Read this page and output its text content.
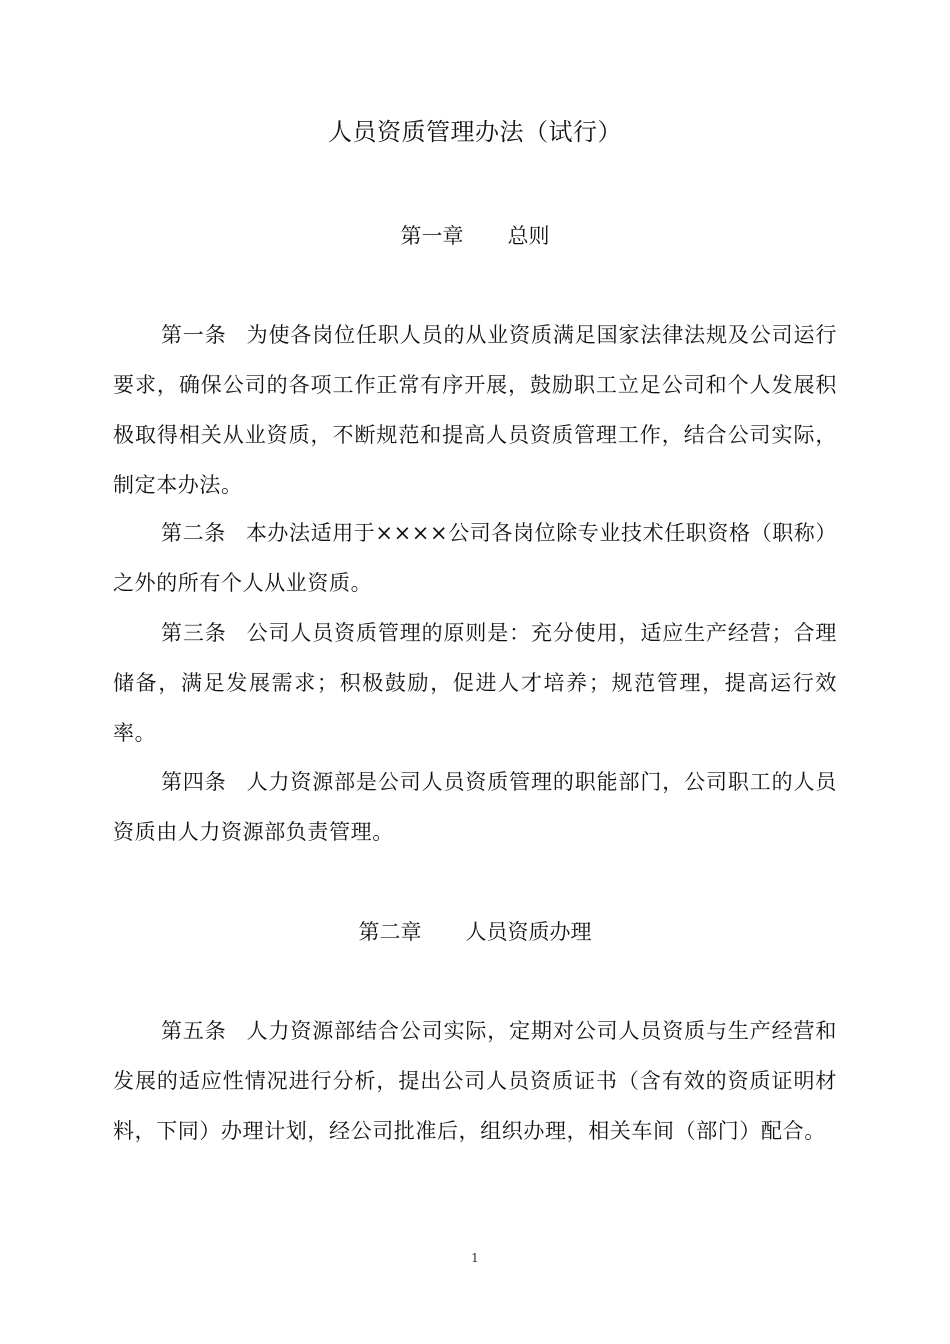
人员资质管理办法（试行）
第一章 总则
第一条 为使各岗位任职人员的从业资质满足国家法律法规及公司运行要求，确保公司的各项工作正常有序开展，鼓励职工立足公司和个人发展积极取得相关从业资质，不断规范和提高人员资质管理工作，结合公司实际，制定本办法。
第二条 本办法适用于××××公司各岗位除专业技术任职资格（职称）之外的所有个人从业资质。
第三条 公司人员资质管理的原则是：充分使用，适应生产经营；合理储备，满足发展需求；积极鼓励，促进人才培养；规范管理，提高运行效率。
第四条 人力资源部是公司人员资质管理的职能部门，公司职工的人员资质由人力资源部负责管理。
第二章 人员资质办理
第五条 人力资源部结合公司实际，定期对公司人员资质与生产经营和发展的适应性情况进行分析，提出公司人员资质证书（含有效的资质证明材料，下同）办理计划，经公司批准后，组织办理，相关车间（部门）配合。
1
